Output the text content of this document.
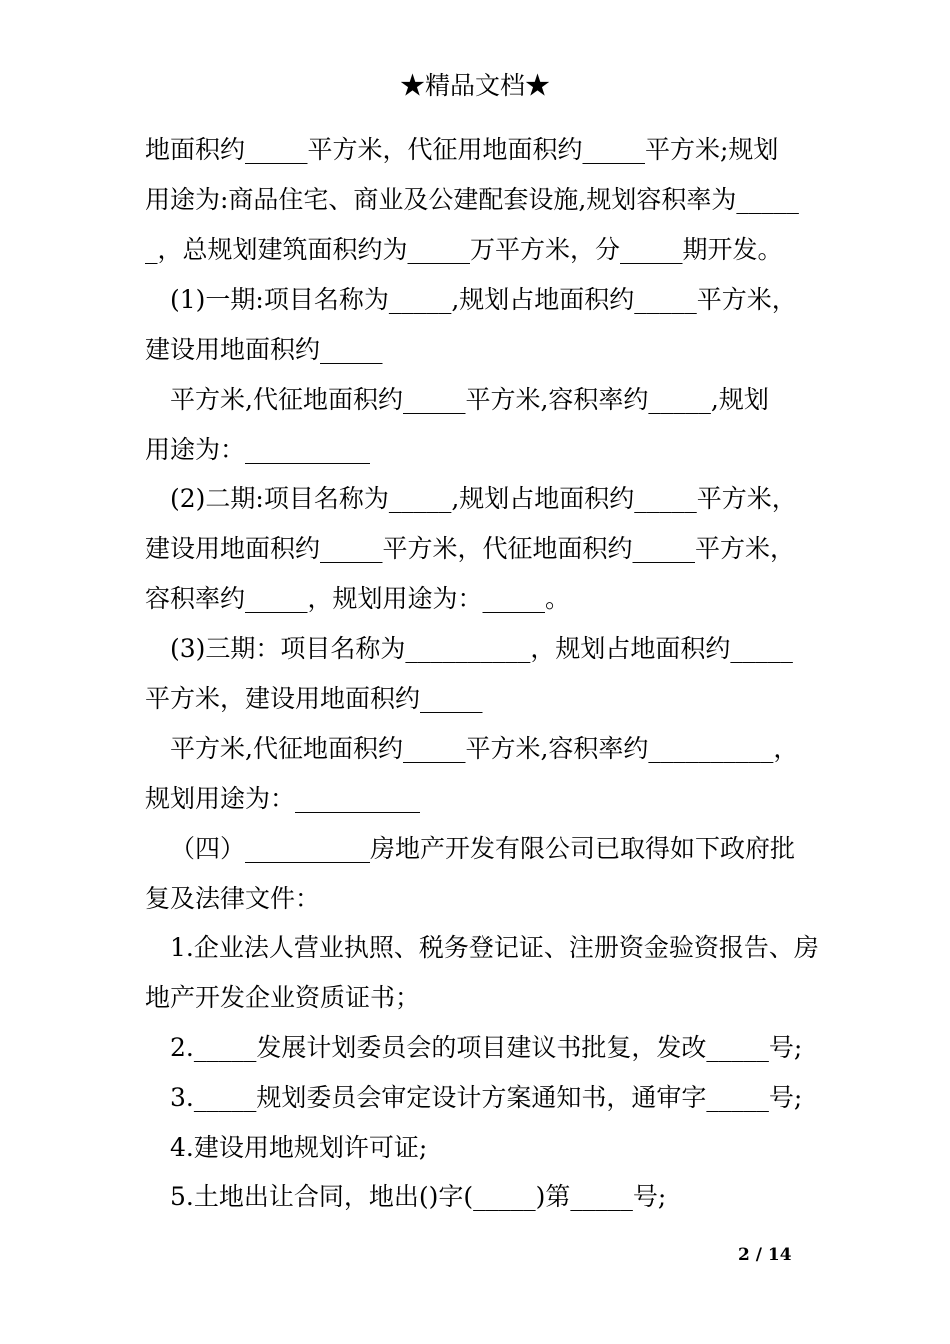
★精品文档★
地面积约_____平方米，代征用地面积约_____平方米;规划
用途为:商品住宅、商业及公建配套设施,规划容积率为_____
_，总规划建筑面积约为_____万平方米，分_____期开发。
(1)一期:项目名称为_____,规划占地面积约_____平方米，
建设用地面积约_____
平方米,代征地面积约_____平方米,容积率约_____,规划
用途为：__________
(2)二期:项目名称为_____,规划占地面积约_____平方米，
建设用地面积约_____平方米，代征地面积约_____平方米，
容积率约_____，规划用途为：_____。
(3)三期：项目名称为__________，规划占地面积约_____
平方米，建设用地面积约_____
平方米,代征地面积约_____平方米,容积率约__________，
规划用途为：__________
（四）__________房地产开发有限公司已取得如下政府批
复及法律文件：
1.企业法人营业执照、税务登记证、注册资金验资报告、房
地产开发企业资质证书；
2._____发展计划委员会的项目建议书批复，发改_____号;
3._____规划委员会审定设计方案通知书，通审字_____号;
4.建设用地规划许可证;
5.土地出让合同，地出()字(_____)第_____号;
2 / 14
